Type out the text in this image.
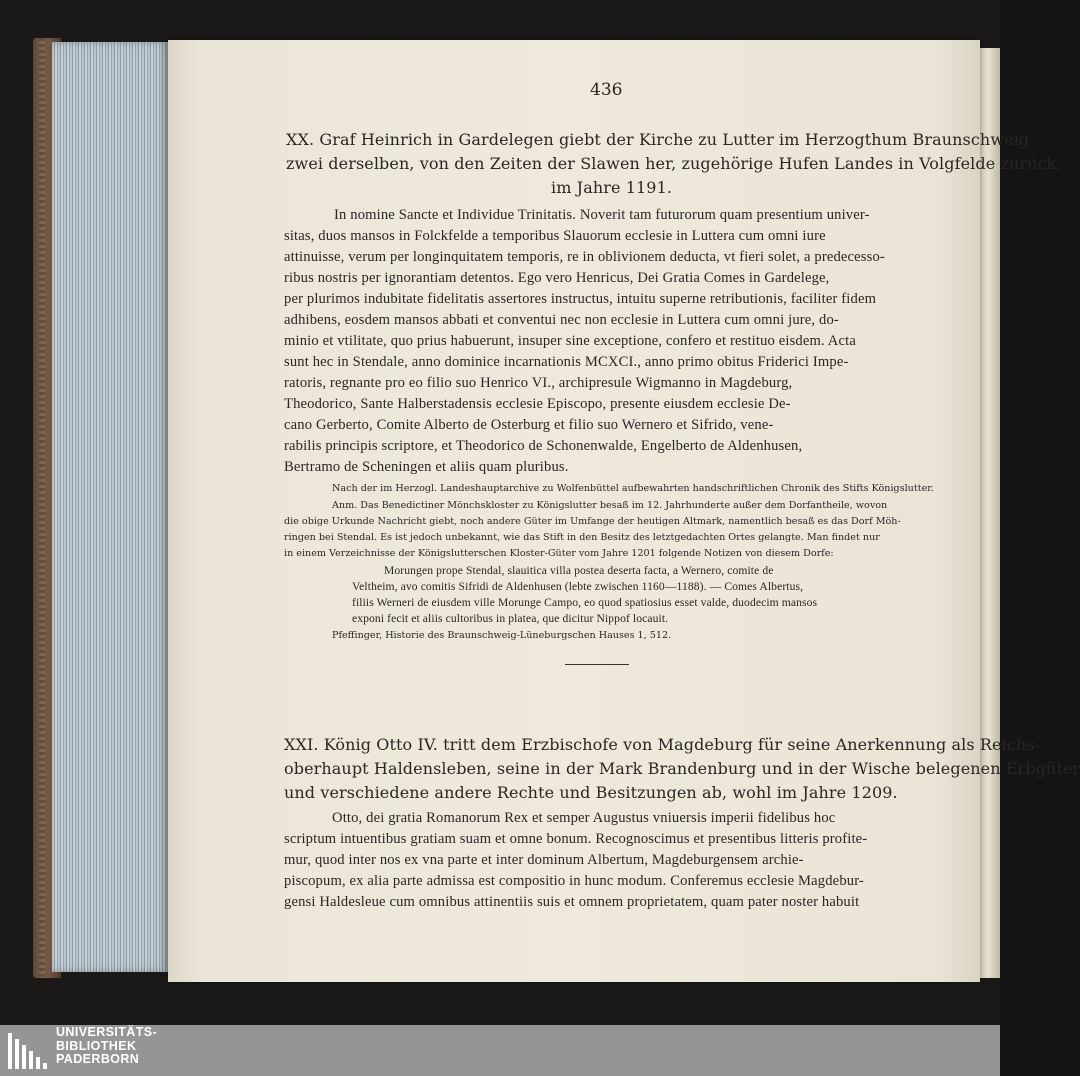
436
XX. Graf Heinrich in Gardelegen giebt der Kirche zu Lutter im Herzogthum Braunschweig
zwei derselben, von den Zeiten der Slawen her, zugehörige Hufen Landes in Volgfelde zurück,
im Jahre 1191.
In nomine Sancte et Individue Trinitatis. Noverit tam futurorum quam presentium univer-
sitas, duos mansos in Folckfelde a temporibus Slauorum ecclesie in Luttera cum omni iure
attinuisse, verum per longinquitatem temporis, re in oblivionem deducta, vt fieri solet, a predecesso-
ribus nostris per ignorantiam detentos. Ego vero Henricus, Dei Gratia Comes in Gardelege,
per plurimos indubitate fidelitatis assertores instructus, intuitu superne retributionis, faciliter fidem
adhibens, eosdem mansos abbati et conventui nec non ecclesie in Luttera cum omni jure, do-
minio et vtilitate, quo prius habuerunt, insuper sine exceptione, confero et restituo eisdem. Acta
sunt hec in Stendale, anno dominice incarnationis MCXCI., anno primo obitus Friderici Impe-
ratoris, regnante pro eo filio suo Henrico VI., archipresule Wigmanno in Magdeburg,
Theodorico, Sante Halberstadensis ecclesie Episcopo, presente eiusdem ecclesie De-
cano Gerberto, Comite Alberto de Osterburg et filio suo Wernero et Sifrido, vene-
rabilis principis scriptore, et Theodorico de Schonenwalde, Engelberto de Aldenhusen,
Bertramo de Scheningen et aliis quam pluribus.
Nach der im Herzogl. Landeshauptarchive zu Wolfenbüttel aufbewahrten handschriftlichen Chronik des Stifts Königslutter.
Anm. Das Benedictiner Mönchskloster zu Königslutter besaß im 12. Jahrhunderte außer dem Dorfantheile, wovon
die obige Urkunde Nachricht giebt, noch andere Güter im Umfange der heutigen Altmark, namentlich besaß es das Dorf Möh-
ringen bei Stendal. Es ist jedoch unbekannt, wie das Stift in den Besitz des letztgedachten Ortes gelangte. Man findet nur
in einem Verzeichnisse der Königslutterschen Kloster-Güter vom Jahre 1201 folgende Notizen von diesem Dorfe:
Morungen prope Stendal, slauitica villa postea deserta facta, a Wernero, comite de
Veltheim, avo comitis Sifridi de Aldenhusen (lebte zwischen 1160—1188). — Comes Albertus,
filiis Werneri de eiusdem ville Morunge Campo, eo quod spatiosius esset valde, duodecim mansos
exponi fecit et aliis cultoribus in platea, que dicitur Nippof locauit.
Pfeffinger, Historie des Braunschweig-Lüneburgschen Hauses 1, 512.
XXI. König Otto IV. tritt dem Erzbischofe von Magdeburg für seine Anerkennung als Reichs-
oberhaupt Haldensleben, seine in der Mark Brandenburg und in der Wische belegenen Erbgüter
und verschiedene andere Rechte und Besitzungen ab, wohl im Jahre 1209.
Otto, dei gratia Romanorum Rex et semper Augustus vniuersis imperii fidelibus hoc
scriptum intuentibus gratiam suam et omne bonum. Recognoscimus et presentibus litteris profite-
mur, quod inter nos ex vna parte et inter dominum Albertum, Magdeburgensem archie-
piscopum, ex alia parte admissa est compositio in hunc modum. Conferemus ecclesie Magdebur-
gensi Haldesleue cum omnibus attinentiis suis et omnem proprietatem, quam pater noster habuit
UNIVERSITÄTS-
BIBLIOTHEK
PADERBORN
